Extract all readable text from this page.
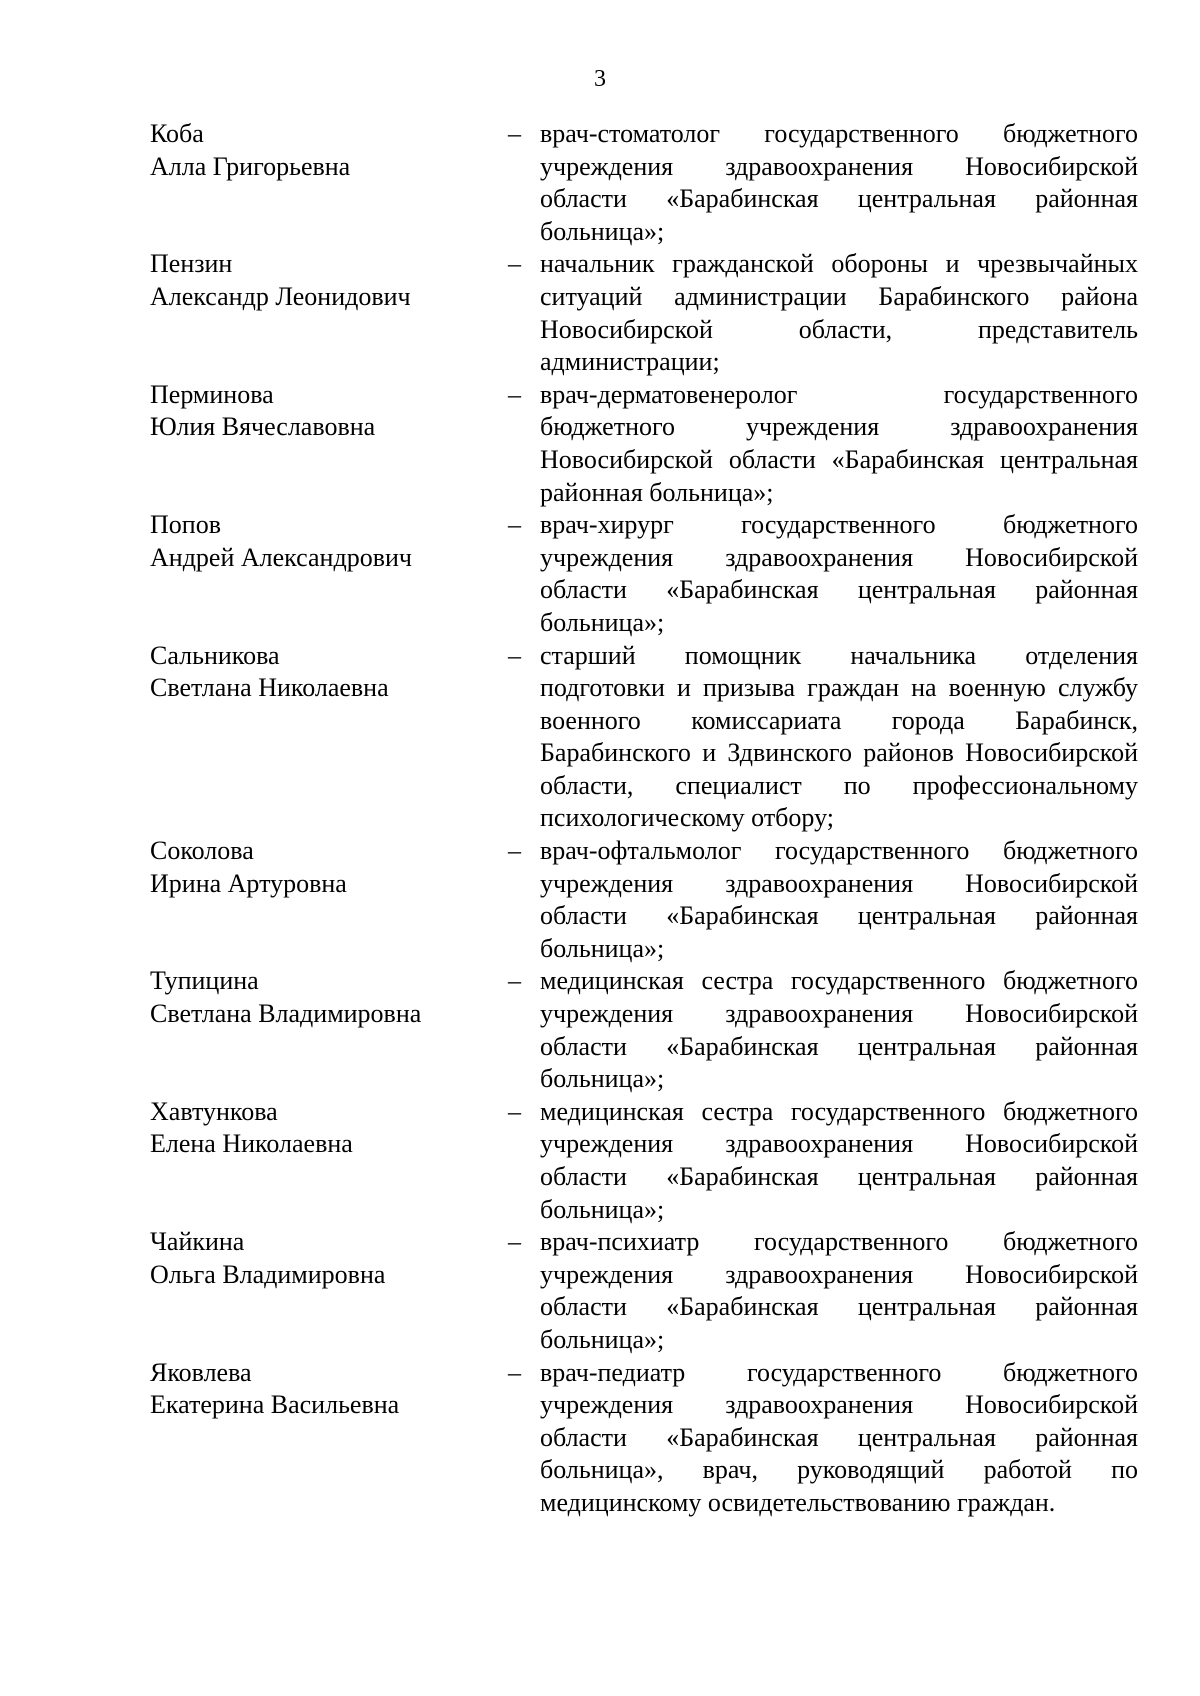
3
Коба
Алла Григорьевна
– врач-стоматолог государственного бюджетного учреждения здравоохранения Новосибирской области «Барабинская центральная районная больница»;
Пензин
Александр Леонидович
– начальник гражданской обороны и чрезвычайных ситуаций администрации Барабинского района Новосибирской области, представитель администрации;
Перминова
Юлия Вячеславовна
– врач-дерматовенеролог государственного бюджетного учреждения здравоохранения Новосибирской области «Барабинская центральная районная больница»;
Попов
Андрей Александрович
– врач-хирург государственного бюджетного учреждения здравоохранения Новосибирской области «Барабинская центральная районная больница»;
Сальникова
Светлана Николаевна
– старший помощник начальника отделения подготовки и призыва граждан на военную службу военного комиссариата города Барабинск, Барабинского и Здвинского районов Новосибирской области, специалист по профессиональному психологическому отбору;
Соколова
Ирина Артуровна
– врач-офтальмолог государственного бюджетного учреждения здравоохранения Новосибирской области «Барабинская центральная районная больница»;
Тупицина
Светлана Владимировна
– медицинская сестра государственного бюджетного учреждения здравоохранения Новосибирской области «Барабинская центральная районная больница»;
Хавтункова
Елена Николаевна
– медицинская сестра государственного бюджетного учреждения здравоохранения Новосибирской области «Барабинская центральная районная больница»;
Чайкина
Ольга Владимировна
– врач-психиатр государственного бюджетного учреждения здравоохранения Новосибирской области «Барабинская центральная районная больница»;
Яковлева
Екатерина Васильевна
– врач-педиатр государственного бюджетного учреждения здравоохранения Новосибирской области «Барабинская центральная районная больница», врач, руководящий работой по медицинскому освидетельствованию граждан.
